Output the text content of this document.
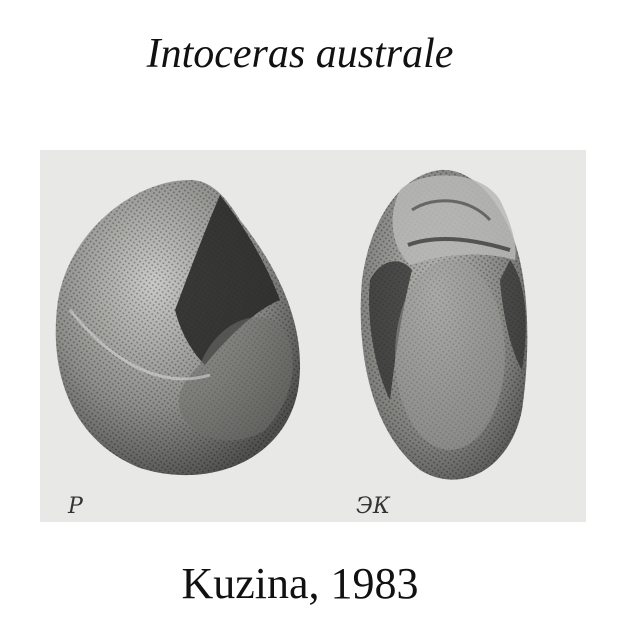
Intoceras australe
P	ЭК
Kuzina, 1983
